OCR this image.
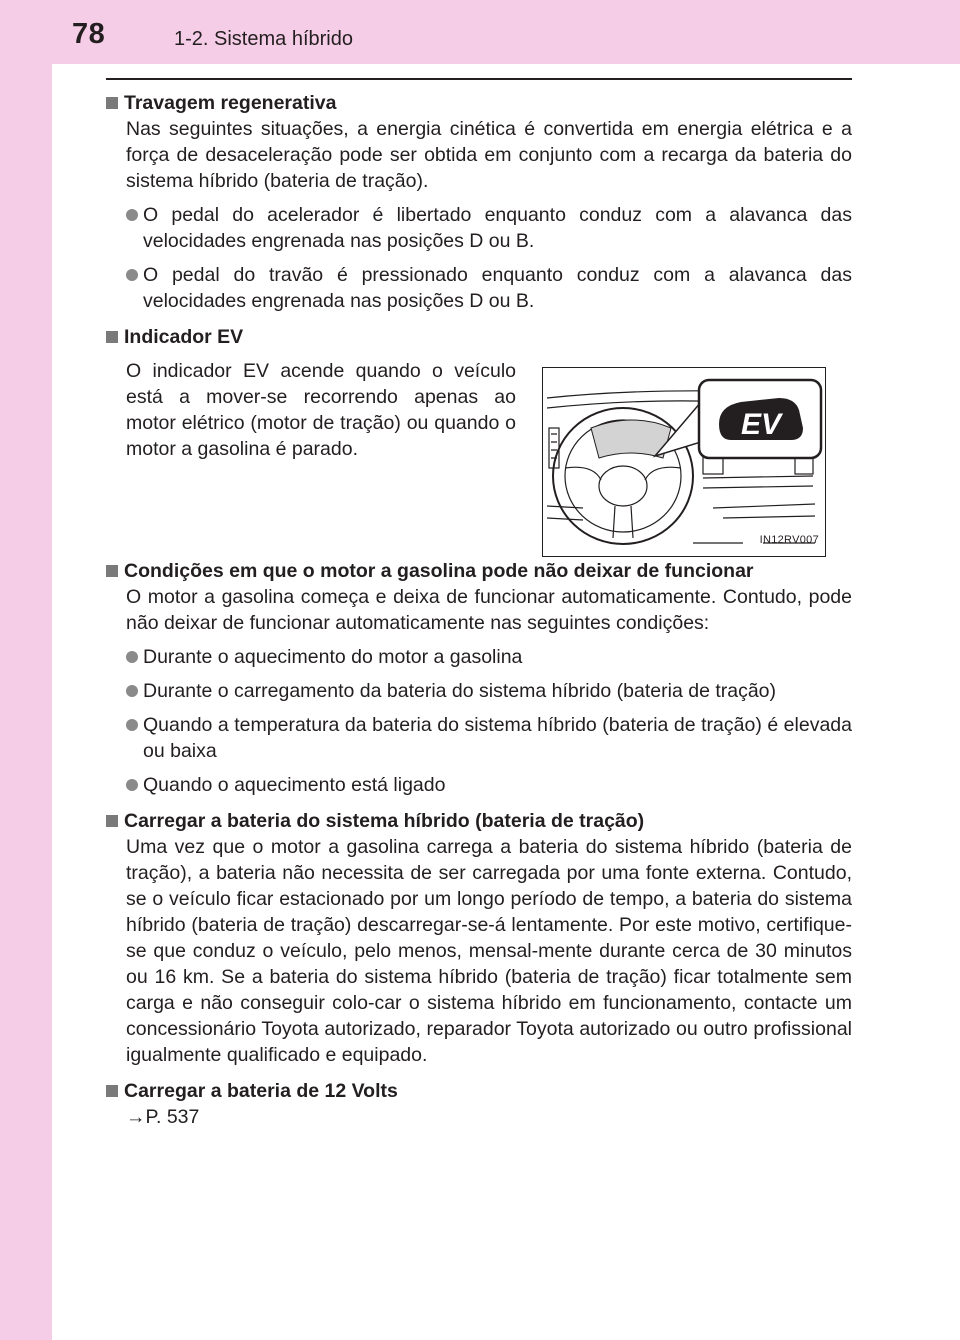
78	1-2. Sistema híbrido
Travagem regenerativa

Nas seguintes situações, a energia cinética é convertida em energia elétrica e a força de desaceleração pode ser obtida em conjunto com a recarga da bateria do sistema híbrido (bateria de tração).

O pedal do acelerador é libertado enquanto conduz com a alavanca das velocidades engrenada nas posições D ou B.
O pedal do travão é pressionado enquanto conduz com a alavanca das velocidades engrenada nas posições D ou B.
Indicador EV
O indicador EV acende quando o veículo está a mover-se recorrendo apenas ao motor elétrico (motor de tração) ou quando o motor a gasolina é parado.
EV
IN12RV007
Condições em que o motor a gasolina pode não deixar de funcionar

O motor a gasolina começa e deixa de funcionar automaticamente. Contudo, pode não deixar de funcionar automaticamente nas seguintes condições:

Durante o aquecimento do motor a gasolina
Durante o carregamento da bateria do sistema híbrido (bateria de tração)
Quando a temperatura da bateria do sistema híbrido (bateria de tração) é elevada ou baixa
Quando o aquecimento está ligado
Carregar a bateria do sistema híbrido (bateria de tração)

Uma vez que o motor a gasolina carrega a bateria do sistema híbrido (bateria de tração), a bateria não necessita de ser carregada por uma fonte externa. Contudo, se o veículo ficar estacionado por um longo período de tempo, a bateria do sistema híbrido (bateria de tração) descarregar-se-á lentamente. Por este motivo, certifique-se que conduz o veículo, pelo menos, mensal-mente durante cerca de 30 minutos ou 16 km. Se a bateria do sistema híbrido (bateria de tração) ficar totalmente sem carga e não conseguir colo-car o sistema híbrido em funcionamento, contacte um concessionário Toyota autorizado, reparador Toyota autorizado ou outro profissional igualmente qualificado e equipado.

Carregar a bateria de 12 Volts

→P. 537
